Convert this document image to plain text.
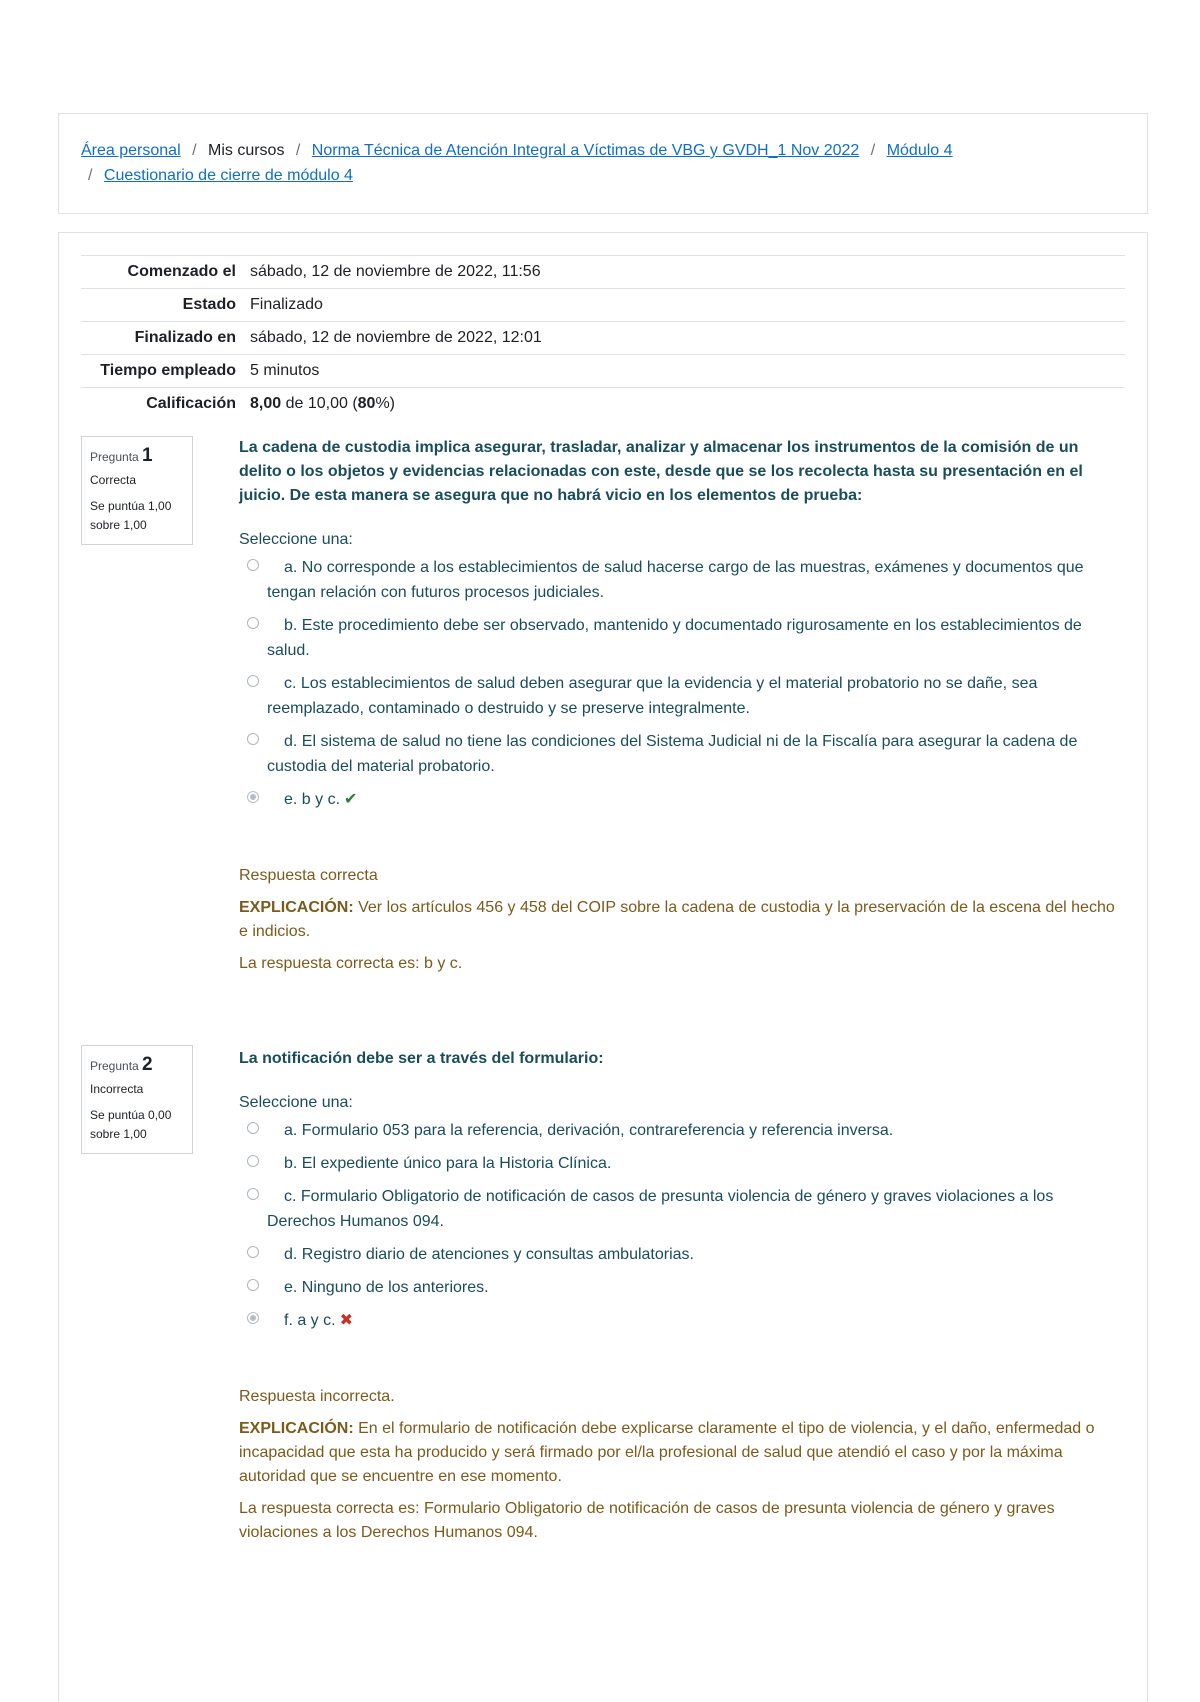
Área personal / Mis cursos / Norma Técnica de Atención Integral a Víctimas de VBG y GVDH_1 Nov 2022 / Módulo 4
/ Cuestionario de cierre de módulo 4
Comenzado el	sábado, 12 de noviembre de 2022, 11:56
Estado	Finalizado
Finalizado en	sábado, 12 de noviembre de 2022, 12:01
Tiempo empleado	5 minutos
Calificación	8,00 de 10,00 (80%)
Pregunta 1
Correcta
Se puntúa 1,00 sobre 1,00
La cadena de custodia implica asegurar, trasladar, analizar y almacenar los instrumentos de la comisión de un delito o los objetos y evidencias relacionadas con este, desde que se los recolecta hasta su presentación en el juicio. De esta manera se asegura que no habrá vicio en los elementos de prueba:
Seleccione una:
a. No corresponde a los establecimientos de salud hacerse cargo de las muestras, exámenes y documentos que tengan relación con futuros procesos judiciales.
b. Este procedimiento debe ser observado, mantenido y documentado rigurosamente en los establecimientos de salud.
c. Los establecimientos de salud deben asegurar que la evidencia y el material probatorio no se dañe, sea reemplazado, contaminado o destruido y se preserve integralmente.
d. El sistema de salud no tiene las condiciones del Sistema Judicial ni de la Fiscalía para asegurar la cadena de custodia del material probatorio.
e. b y c. ✔

Respuesta correcta

EXPLICACIÓN: Ver los artículos 456 y 458 del COIP sobre la cadena de custodia y la preservación de la escena del hecho e indicios.

La respuesta correcta es: b y c.

Pregunta 2
Incorrecta
Se puntúa 0,00 sobre 1,00
La notificación debe ser a través del formulario:
Seleccione una:
a. Formulario 053 para la referencia, derivación, contrareferencia y referencia inversa.
b. El expediente único para la Historia Clínica.
c. Formulario Obligatorio de notificación de casos de presunta violencia de género y graves violaciones a los Derechos Humanos 094.
d. Registro diario de atenciones y consultas ambulatorias.
e. Ninguno de los anteriores.
f. a y c. ✖

Respuesta incorrecta.

EXPLICACIÓN: En el formulario de notificación debe explicarse claramente el tipo de violencia, y el daño, enfermedad o incapacidad que esta ha producido y será firmado por el/la profesional de salud que atendió el caso y por la máxima autoridad que se encuentre en ese momento.

La respuesta correcta es: Formulario Obligatorio de notificación de casos de presunta violencia de género y graves violaciones a los Derechos Humanos 094.
